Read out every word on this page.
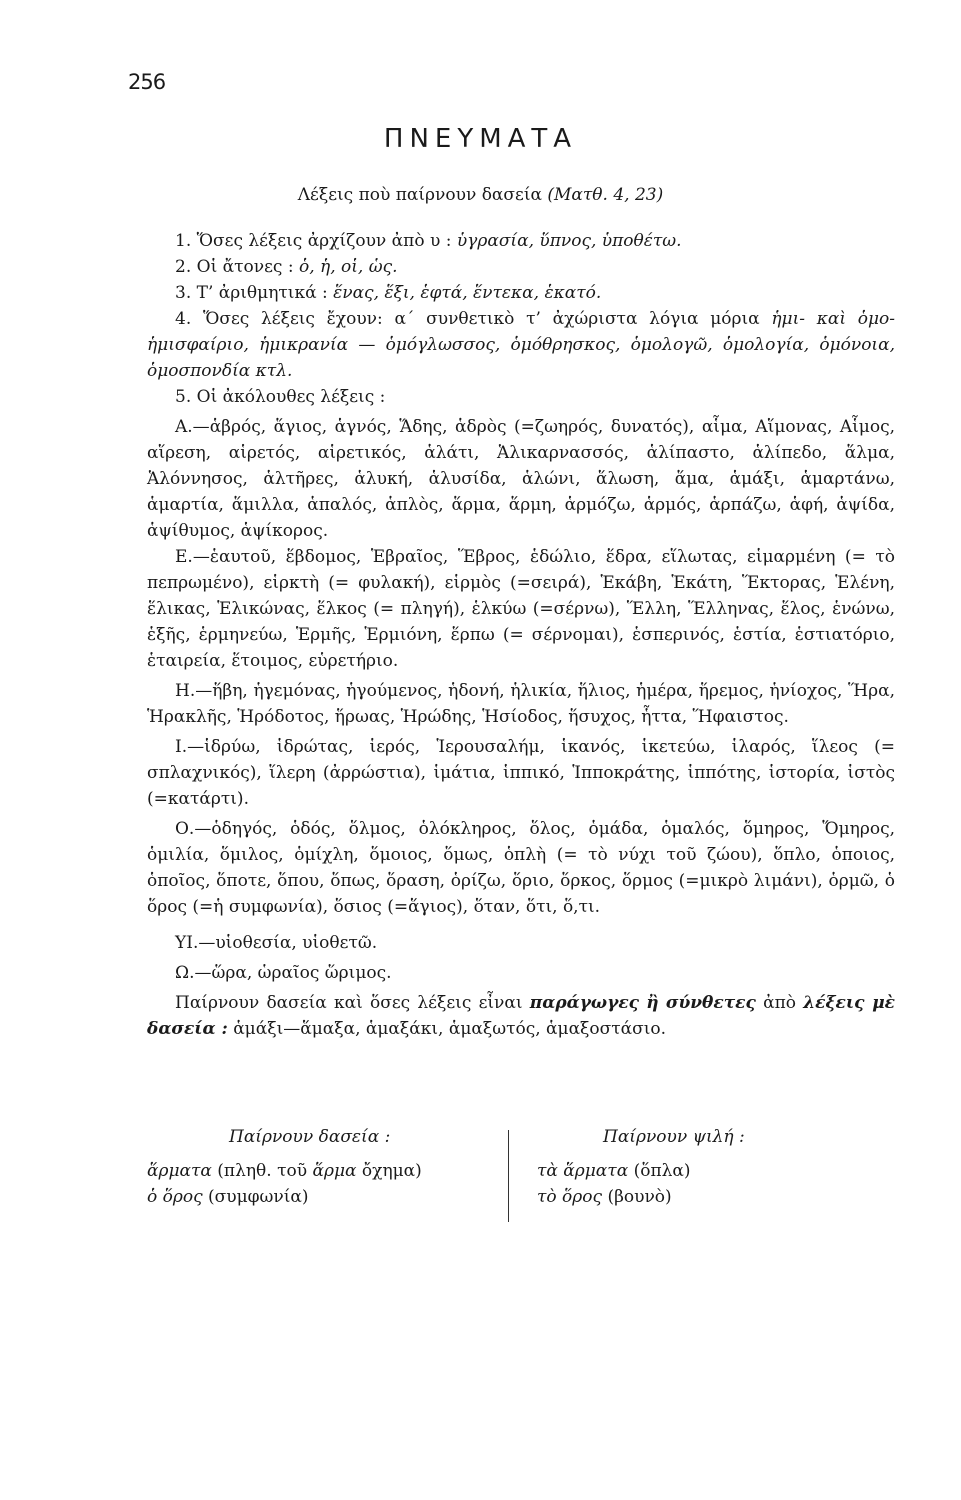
256
ΠΝΕΥΜΑΤΑ
Λέξεις ποὺ παίρνουν δασεία (Ματθ. 4, 23)

1. Ὅσες λέξεις ἀρχίζουν ἀπὸ υ : ὑγρασία, ὕπνος, ὑποθέτω.

2. Οἱ ἄτονες : ὁ, ἡ, οἱ, ὡς.

3. Τ’ ἀριθμητικά : ἕνας, ἕξι, ἑφτά, ἕντεκα, ἑκατό.

4. Ὅσες λέξεις ἔχουν: α΄ συνθετικὸ τ’ ἀχώριστα λόγια μόρια ἡμι- καὶ ὁμο- ἡμισφαίριο, ἡμικρανία — ὁμόγλωσσος, ὁμόθρησκος, ὁμολογῶ, ὁμολογία, ὁμόνοια, ὁμοσπονδία κτλ.

5. Οἱ ἀκόλουθες λέξεις :

Α.—ἁβρός, ἅγιος, ἁγνός, Ἅδης, ἁδρὸς (=ζωηρός, δυνατός), αἷμα, Αἵμονας, Αἷμος, αἵρεση, αἱρετός, αἱρετικός, ἁλάτι, Ἁλικαρνασσός, ἁλίπαστο, ἁλίπεδο, ἅλμα, Ἁλόννησος, ἁλτῆρες, ἁλυκή, ἁλυσίδα, ἁλώνι, ἅλωση, ἅμα, ἁμάξι, ἁμαρτάνω, ἁμαρτία, ἅμιλλα, ἁπαλός, ἁπλὸς, ἅρμα, ἅρμη, ἁρμόζω, ἁρμός, ἁρπάζω, ἁφή, ἁψίδα, ἁψίθυμος, ἁψίκορος.

Ε.—ἑαυτοῦ, ἕβδομος, Ἑβραῖος, Ἕβρος, ἑδώλιο, ἕδρα, εἵλωτας, εἱμαρμένη (= τὸ πεπρωμένο), εἱρκτὴ (= φυλακή), εἱρμὸς (=σειρά), Ἑκάβη, Ἑκάτη, Ἕκτορας, Ἑλένη, ἕλικας, Ἑλικώνας, ἕλκος (= πληγή), ἑλκύω (=σέρνω), Ἕλλη, Ἕλληνας, ἕλος, ἑνώνω, ἑξῆς, ἑρμηνεύω, Ἑρμῆς, Ἑρμιόνη, ἕρπω (= σέρνομαι), ἑσπερινός, ἑστία, ἑστιατόριο, ἑταιρεία, ἕτοιμος, εὑρετήριο.

Η.—ἥβη, ἡγεμόνας, ἡγούμενος, ἡδονή, ἡλικία, ἥλιος, ἡμέρα, ἥρεμος, ἡνίοχος, Ἥρα, Ἡρακλῆς, Ἡρόδοτος, ἥρωας, Ἡρώδης, Ἡσίοδος, ἥσυχος, ἧττα, Ἥφαιστος.

Ι.—ἱδρύω, ἱδρώτας, ἱερός, Ἱερουσαλήμ, ἱκανός, ἱκετεύω, ἱλαρός, ἵλεος (= σπλαχνικός), ἵλερη (ἀρρώστια), ἱμάτια, ἱππικό, Ἱπποκράτης, ἱππότης, ἱστορία, ἱστὸς (=κατάρτι).

Ο.—ὁδηγός, ὁδός, ὅλμος, ὁλόκληρος, ὅλος, ὁμάδα, ὁμαλός, ὅμηρος, Ὅμηρος, ὁμιλία, ὅμιλος, ὁμίχλη, ὅμοιος, ὅμως, ὁπλὴ (= τὸ νύχι τοῦ ζώου), ὅπλο, ὁποιος, ὁποῖος, ὅποτε, ὅπου, ὅπως, ὅραση, ὁρίζω, ὅριο, ὅρκος, ὅρμος (=μικρὸ λιμάνι), ὁρμῶ, ὁ ὅρος (=ἡ συμφωνία), ὅσιος (=ἅγιος), ὅταν, ὅτι, ὅ,τι.

ΥΙ.—υἱοθεσία, υἱοθετῶ.

Ω.—ὥρα, ὡραῖος ὥριμος.

Παίρνουν δασεία καὶ ὅσες λέξεις εἶναι παράγωγες ἢ σύνθετες ἀπὸ λέξεις μὲ δασεία : ἁμάξι—ἅμαξα, ἁμαξάκι, ἁμαξωτός, ἁμαξοστάσιο.

Παίρνουν δασεία :

ἅρματα (πληθ. τοῦ ἅρμα ὄχημα)

ὁ ὅρος (συμφωνία)

Παίρνουν ψιλή :

τὰ ἅρματα (ὅπλα)

τὸ ὅρος (βουνὸ)
